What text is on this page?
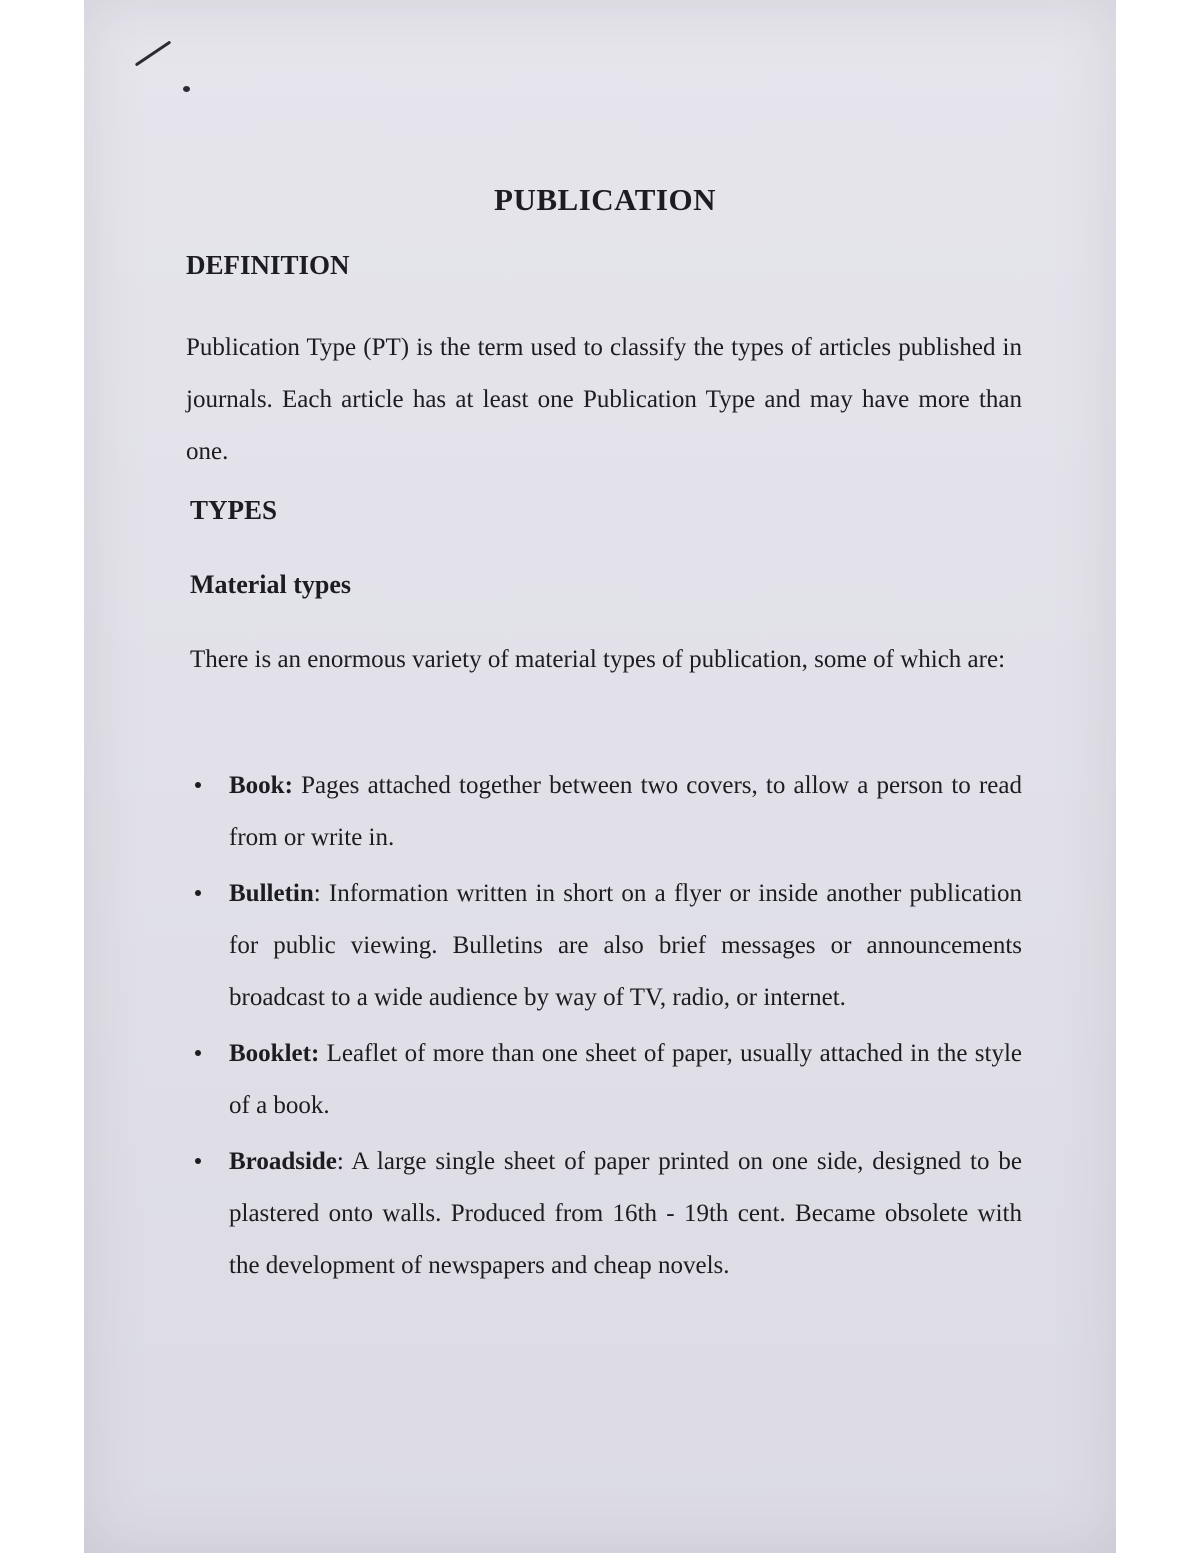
PUBLICATION
DEFINITION
Publication Type (PT) is the term used to classify the types of articles published in journals. Each article has at least one Publication Type and may have more than one.
TYPES
Material types
There is an enormous variety of material types of publication, some of which are:
Book: Pages attached together between two covers, to allow a person to read from or write in.
Bulletin: Information written in short on a flyer or inside another publication for public viewing. Bulletins are also brief messages or announcements broadcast to a wide audience by way of TV, radio, or internet.
Booklet: Leaflet of more than one sheet of paper, usually attached in the style of a book.
Broadside: A large single sheet of paper printed on one side, designed to be plastered onto walls. Produced from 16th - 19th cent. Became obsolete with the development of newspapers and cheap novels.
